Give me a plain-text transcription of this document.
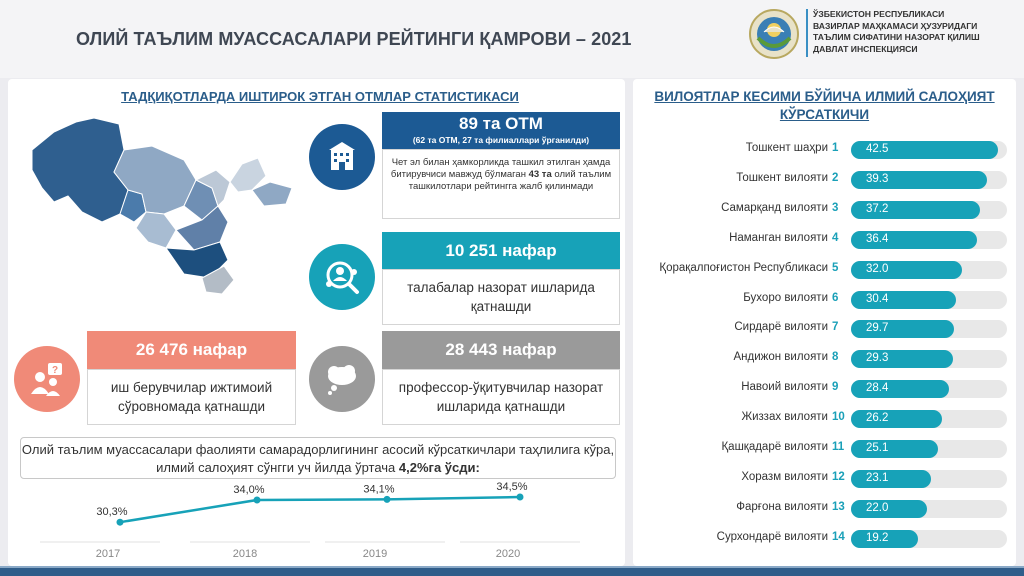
ОЛИЙ ТАЪЛИМ МУАССАСАЛАРИ РЕЙТИНГИ ҚАМРОВИ – 2021
ЎЗБЕКИСТОН РЕСПУБЛИКАСИ
ВАЗИРЛАР МАҲКАМАСИ ҲУЗУРИДАГИ
ТАЪЛИМ СИФАТИНИ НАЗОРАТ ҚИЛИШ
ДАВЛАТ ИНСПЕКЦИЯСИ
ТАДҚИҚОТЛАРДА ИШТИРОК ЭТГАН ОТМЛАР СТАТИСТИКАСИ
89 та ОТМ
(62 та ОТМ, 27 та филиаллари ўрганилди)
Чет эл билан ҳамкорликда ташкил этилган ҳамда битирувчиси мавжуд бўлмаган 43 та олий таълим ташкилотлари рейтингга жалб қилинмади
10 251 нафар
талабалар назорат ишларида қатнашди
?
26 476 нафар
иш берувчилар ижтимоий сўровномада қатнашди
28 443 нафар
профессор-ўқитувчилар назорат ишларида қатнашди
Олий таълим муассасалари фаолияти самарадорлигининг асосий кўрсаткичлари таҳлилига кўра, илмий салоҳият сўнгги уч йилда ўртача 4,2%га ўсди:
30,3%
2017
34,0%
2018
34,1%
2019
34,5%
2020
ВИЛОЯТЛАР КЕСИМИ БЎЙИЧА ИЛМИЙ САЛОҲИЯТ КЎРСАТКИЧИ
Тошкент шаҳри 1 42.5
Тошкент вилояти 2 39.3
Самарқанд вилояти 3 37.2
Наманган вилояти 4 36.4
Қорақалпоғистон Республикаси 5 32.0
Бухоро вилояти 6 30.4
Сирдарё вилояти 7 29.7
Андижон вилояти 8 29.3
Навоий вилояти 9 28.4
Жиззах вилояти 10 26.2
Қашқадарё вилояти 11 25.1
Хоразм вилояти 12 23.1
Фарғона вилояти 13 22.0
Сурхондарё вилояти 14 19.2
